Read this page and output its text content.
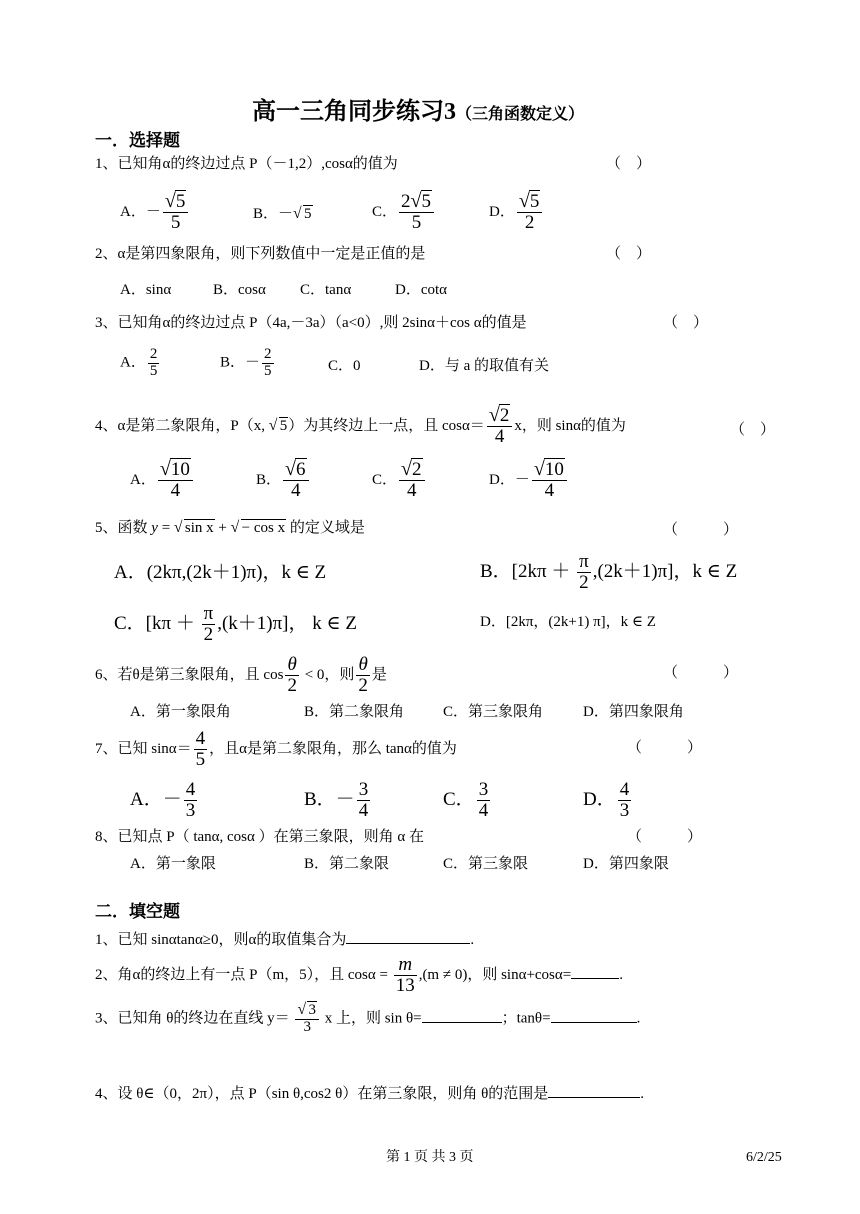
高一三角同步练习3（三角函数定义）
一．选择题
1、已知角α的终边过点 P（－1,2）,cosα的值为	（　）
A．－ √ $\frac{5}{5}$	B．－ √ 5	C． $\frac{2 √ 5}{5}$	D． √ $\frac{5}{2}$
2、α是第四象限角，则下列数值中一定是正值的是	（　）
A．sinα	B．cosα C．tanα	D．cotα
3、已知角α的终边过点 P（4a,－3a）（a<0）,则 2sinα＋cos α的值是	（　）
A． $\frac{2}{5}$	B．－ $\frac{2}{5}$	C．0	D．与 a 的取值有关
4、α是第二象限角，P（x, √ 5）为其终边上一点，且 cosα＝ √ $\frac{2}{4}$ x，则 sinα的值为	（　）
A． √ $\frac{10}{4}$	B． √ $\frac{6}{4}$	C． √ $\frac{2}{4}$	D．－ √ $\frac{10}{4}$
5、函数 y = √ sin x + √ − cos x 的定义域是	（　　　）
A．(2kπ,(2k＋1)π)，k ∈ Z	B．$[2k\pi + \frac{\pi}{2} ,(2k+1)\pi]$，k ∈ Z
C．$[k\pi + \frac{\pi}{2} ,(k+1)\pi]$， k ∈ Z	D．[2kπ，(2k+1) π]，k ∈ Z
6、若θ是第三象限角，且 $\cos \frac{\theta}{2} < 0$，则 $\frac{\theta}{2}$ 是	（　　　）
A．第一象限角	B．第二象限角	C．第三象限角	D．第四象限角
7、已知 $\sin\alpha= \frac{4}{5}$ ，且α是第二象限角，那么 tanα的值为	（　　　）
A．－ $\frac{4}{3}$	B．－ $\frac{3}{4}$	C． $\frac{3}{4}$	D． $\frac{4}{3}$
8、已知点 P（ tanα, cosα ）在第三象限，则角 α 在	（　　　）
A．第一象限	B．第二象限	C．第三象限	D．第四象限
二．填空题
1、已知 sinαtanα≥0，则α的取值集合为	.
2、角α的终边上有一点 P（m，5），且 $\cos\alpha = \frac{m}{13} ,(m \ne 0)$，则 sinα+cosα=	.
3、已知角 θ的终边在直线 y＝ √ $\frac{3}{3}$ x 上，则 sin θ=	；tanθ=	.
4、设 θ∈（0，2π），点 P（sin θ,cos2 θ）在第三象限，则角 θ的范围是	.
第 1 页 共 3 页	6/2/25
